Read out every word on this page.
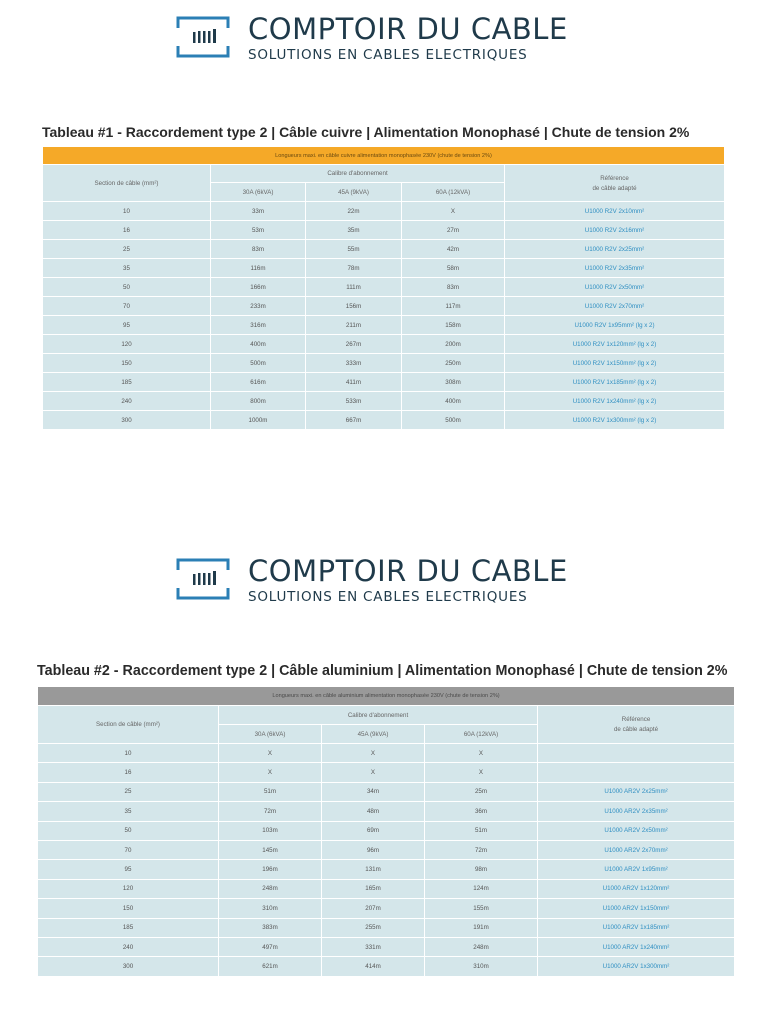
COMPTOIR DU CABLE
SOLUTIONS EN CABLES ELECTRIQUES
Tableau #1 - Raccordement type 2 | Câble cuivre | Alimentation Monophasé | Chute de tension 2%
Longueurs maxi. en câble cuivre alimentation monophasée 230V (chute de tension 2%)				
Section de câble (mm²)	Calibre d'abonnement			Référence
de câble adapté

	30A (6kVA)	45A (9kVA)	60A (12kVA)	
10	33m	22m	X	U1000 R2V 2x10mm²
16	53m	35m	27m	U1000 R2V 2x16mm²
25	83m	55m	42m	U1000 R2V 2x25mm²
35	116m	78m	58m	U1000 R2V 2x35mm²
50	166m	111m	83m	U1000 R2V 2x50mm²
70	233m	156m	117m	U1000 R2V 2x70mm²
95	316m	211m	158m	U1000 R2V 1x95mm² (lg x 2)
120	400m	267m	200m	U1000 R2V 1x120mm² (lg x 2)
150	500m	333m	250m	U1000 R2V 1x150mm² (lg x 2)
185	616m	411m	308m	U1000 R2V 1x185mm² (lg x 2)
240	800m	533m	400m	U1000 R2V 1x240mm² (lg x 2)
300	1000m	667m	500m	U1000 R2V 1x300mm² (lg x 2)
COMPTOIR DU CABLE
SOLUTIONS EN CABLES ELECTRIQUES
Tableau #2 - Raccordement type 2 | Câble aluminium | Alimentation Monophasé | Chute de tension 2%
Longueurs maxi. en câble aluminium alimentation monophasée 230V (chute de tension 2%)				
Section de câble (mm²)	Calibre d'abonnement			Référence
de câble adapté

	30A (6kVA)	45A (9kVA)	60A (12kVA)	
10	X	X	X	
16	X	X	X	
25	51m	34m	25m	U1000 AR2V 2x25mm²
35	72m	48m	36m	U1000 AR2V 2x35mm²
50	103m	69m	51m	U1000 AR2V 2x50mm²
70	145m	96m	72m	U1000 AR2V 2x70mm²
95	196m	131m	98m	U1000 AR2V 1x95mm²
120	248m	165m	124m	U1000 AR2V 1x120mm²
150	310m	207m	155m	U1000 AR2V 1x150mm²
185	383m	255m	191m	U1000 AR2V 1x185mm²
240	497m	331m	248m	U1000 AR2V 1x240mm²
300	621m	414m	310m	U1000 AR2V 1x300mm²
